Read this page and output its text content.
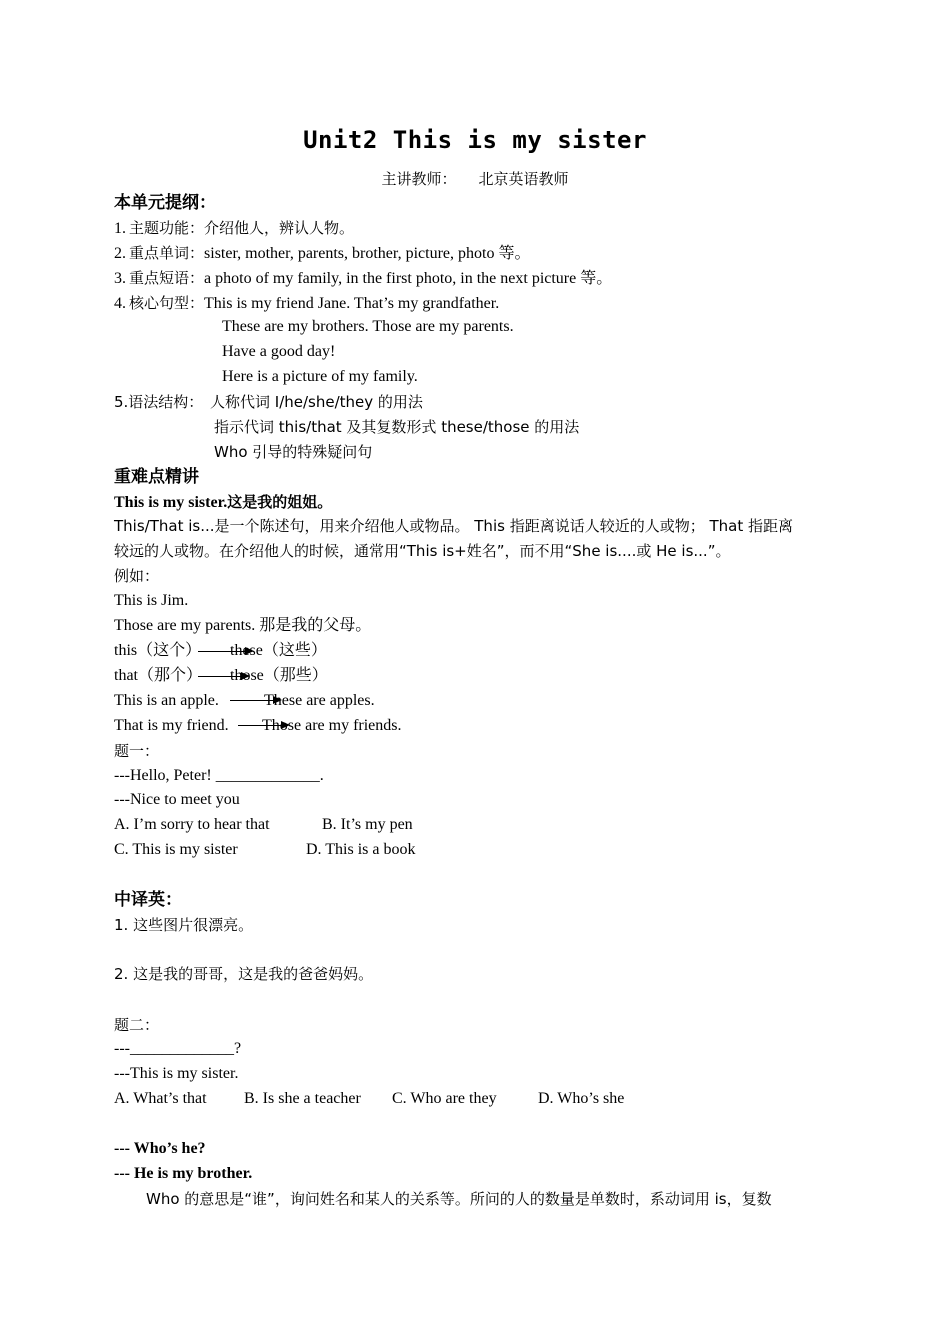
Unit2 This is my sister
主讲教师： 北京英语教师
本单元提纲：
1. 主题功能：介绍他人，辨认人物。
2. 重点单词：sister, mother, parents, brother, picture, photo 等。
3. 重点短语：a photo of my family, in the first photo, in the next picture 等。
4. 核心句型：This is my friend Jane. That’s my grandfather.
These are my brothers. Those are my parents.
Have a good day!
Here is a picture of my family.
5.语法结构： 人称代词 I/he/she/they 的用法
指示代词 this/that 及其复数形式 these/those 的用法
Who 引导的特殊疑问句
重难点精讲
This is my sister.这是我的姐姐。
This/That is...是一个陈述句，用来介绍他人或物品。 This 指距离说话人较近的人或物； That 指距离
较远的人或物。在介绍他人的时候，通常用“This is+姓名”，而不用“She is....或 He is...”。
例如：
This is Jim.
Those are my parents. 那是我的父母。
this（这个） these（这些）
that（那个） those（那些）
This is an apple.	These are apples.
That is my friend. Those are my friends.
题一：
---Hello, Peter! _____________.
---Nice to meet you
A. I’m sorry to hear that	B. It’s my pen
C. This is my sister	D. This is a book
中译英：
1. 这些图片很漂亮。
2. 这是我的哥哥，这是我的爸爸妈妈。
题二：
---_____________?
---This is my sister.
A. What’s that B. Is she a teacher C. Who are they	D. Who’s she
--- Who’s he?
--- He is my brother.
Who 的意思是“谁”，询问姓名和某人的关系等。所问的人的数量是单数时，系动词用 is，复数
